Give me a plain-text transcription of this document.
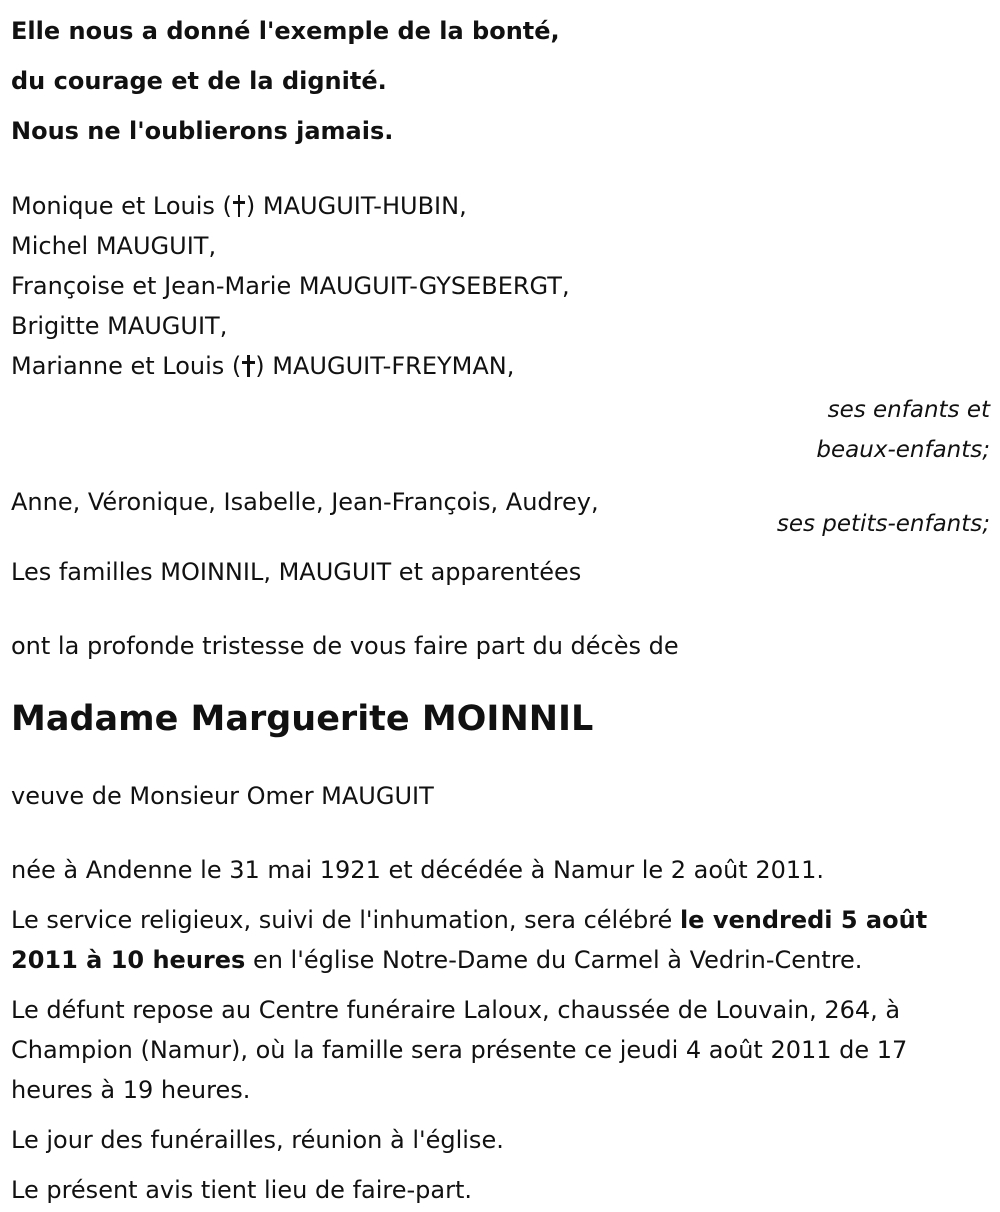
Elle nous a donné l'exemple de la bonté,

du courage et de la dignité.

Nous ne l'oublierons jamais.

Monique et Louis ( ) MAUGUIT-HUBIN,

Michel MAUGUIT,

Françoise et Jean-Marie MAUGUIT-GYSEBERGT,

Brigitte MAUGUIT,

Marianne et Louis ( ) MAUGUIT-FREYMAN,

ses enfants et

beaux-enfants;

Anne, Véronique, Isabelle, Jean-François, Audrey,

ses petits-enfants;

Les familles MOINNIL, MAUGUIT et apparentées

ont la profonde tristesse de vous faire part du décès de

Madame Marguerite MOINNIL

veuve de Monsieur Omer MAUGUIT

née à Andenne le 31 mai 1921 et décédée à Namur le 2 août 2011.

Le service religieux, suivi de l'inhumation, sera célébré le vendredi 5 août 2011 à 10 heures en l'église Notre-Dame du Carmel à Vedrin-Centre.

Le défunt repose au Centre funéraire Laloux, chaussée de Louvain, 264, à Champion (Namur), où la famille sera présente ce jeudi 4 août 2011 de 17 heures à 19 heures.

Le jour des funérailles, réunion à l'église.

Le présent avis tient lieu de faire-part.
